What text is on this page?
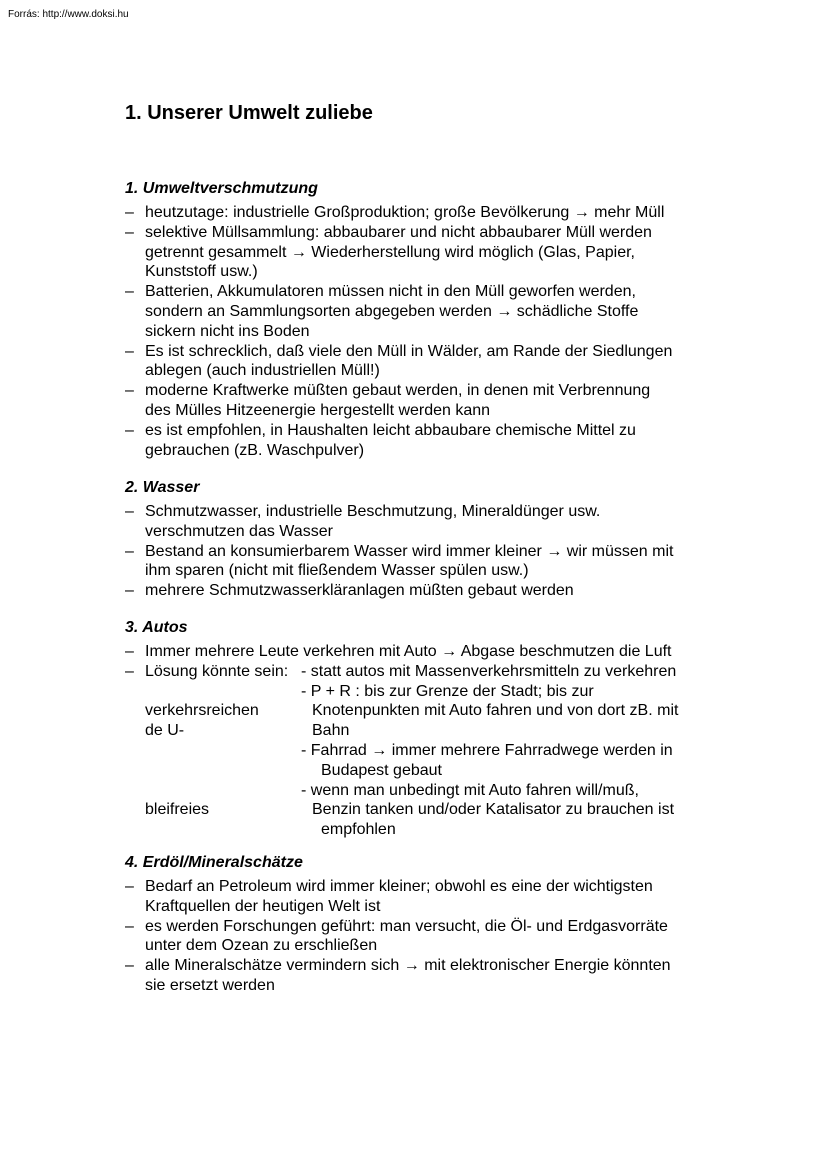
Forrás: http://www.doksi.hu
1. Unserer Umwelt zuliebe
1. Umweltverschmutzung
– heutzutage: industrielle Großproduktion; große Bevölkerung → mehr Müll
– selektive Müllsammlung: abbaubarer und nicht abbaubarer Müll werden
getrennt gesammelt → Wiederherstellung wird möglich (Glas, Papier,
Kunststoff usw.)
– Batterien, Akkumulatoren müssen nicht in den Müll geworfen werden,
sondern an Sammlungsorten abgegeben werden → schädliche Stoffe
sickern nicht ins Boden
– Es ist schrecklich, daß viele den Müll in Wälder, am Rande der Siedlungen
ablegen (auch industriellen Müll!)
– moderne Kraftwerke müßten gebaut werden, in denen mit Verbrennung
des Mülles Hitzeenergie hergestellt werden kann
– es ist empfohlen, in Haushalten leicht abbaubare chemische Mittel zu
gebrauchen (zB. Waschpulver)
2. Wasser
– Schmutzwasser, industrielle Beschmutzung, Mineraldünger usw.
verschmutzen das Wasser
– Bestand an konsumierbarem Wasser wird immer kleiner → wir müssen mit
ihm sparen (nicht mit fließendem Wasser spülen usw.)
– mehrere Schmutzwasserkläranlagen müßten gebaut werden
3. Autos
– Immer mehrere Leute verkehren mit Auto → Abgase beschmutzen die Luft
– Lösung könnte sein: - statt autos mit Massenverkehrsmitteln zu verkehren
- P + R : bis zur Grenze der Stadt; bis zur
verkehrsreichen	Knotenpunkten mit Auto fahren und von dort zB. mit
de U-	Bahn
- Fahrrad → immer mehrere Fahrradwege werden in
Budapest gebaut
- wenn man unbedingt mit Auto fahren will/muß,
bleifreies	Benzin tanken und/oder Katalisator zu brauchen ist
empfohlen
4. Erdöl/Mineralschätze
– Bedarf an Petroleum wird immer kleiner; obwohl es eine der wichtigsten
Kraftquellen der heutigen Welt ist
– es werden Forschungen geführt: man versucht, die Öl- und Erdgasvorräte
unter dem Ozean zu erschließen
– alle Mineralschätze vermindern sich → mit elektronischer Energie könnten
sie ersetzt werden
